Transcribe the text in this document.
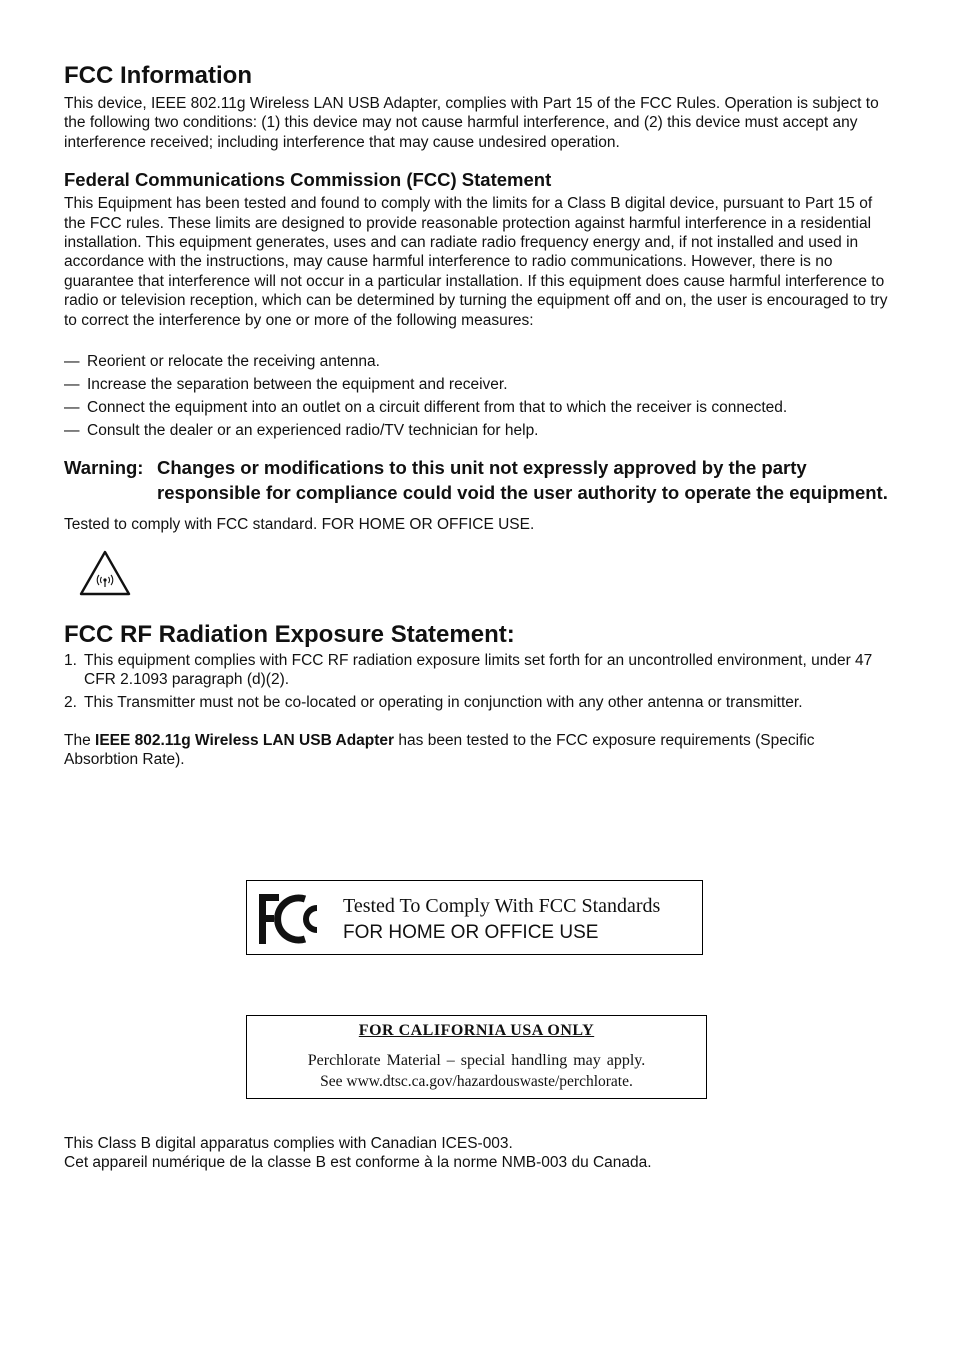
FCC Information

This device, IEEE 802.11g Wireless LAN USB Adapter, complies with Part 15 of the FCC Rules. Operation is subject to the following two conditions: (1) this device may not cause harmful interference, and (2) this device must accept any interference received; including interference that may cause undesired operation.

Federal Communications Commission (FCC) Statement

This Equipment has been tested and found to comply with the limits for a Class B digital device, pursuant to Part 15 of the FCC rules. These limits are designed to provide reasonable protection against harmful interference in a residential installation. This equipment generates, uses and can radiate radio frequency energy and, if not installed and used in accordance with the instructions, may cause harmful interference to radio communications. However, there is no guarantee that interference will not occur in a particular installation. If this equipment does cause harmful interference to radio or television reception, which can be determined by turning the equipment off and on, the user is encouraged to try to correct the interference by one or more of the following measures:

— Reorient or relocate the receiving antenna.
— Increase the separation between the equipment and receiver.
— Connect the equipment into an outlet on a circuit different from that to which the receiver is connected.
— Consult the dealer or an experienced radio/TV technician for help.
Warning: Changes or modifications to this unit not expressly approved by the party responsible for compliance could void the user authority to operate the equipment.

Tested to comply with FCC standard. FOR HOME OR OFFICE USE.

FCC RF Radiation Exposure Statement:
1. This equipment complies with FCC RF radiation exposure limits set forth for an uncontrolled environment, under 47 CFR 2.1093 paragraph (d)(2).
2. This Transmitter must not be co-located or operating in conjunction with any other antenna or transmitter.

The IEEE 802.11g Wireless LAN USB Adapter has been tested to the FCC exposure requirements (Specific Absorbtion Rate).

Tested To Comply With FCC Standards
FOR HOME OR OFFICE USE
FOR CALIFORNIA USA ONLY
Perchlorate Material – special handling may apply.
See www.dtsc.ca.gov/hazardouswaste/perchlorate.

This Class B digital apparatus complies with Canadian ICES-003.

Cet appareil numérique de la classe B est conforme à la norme NMB-003 du Canada.
